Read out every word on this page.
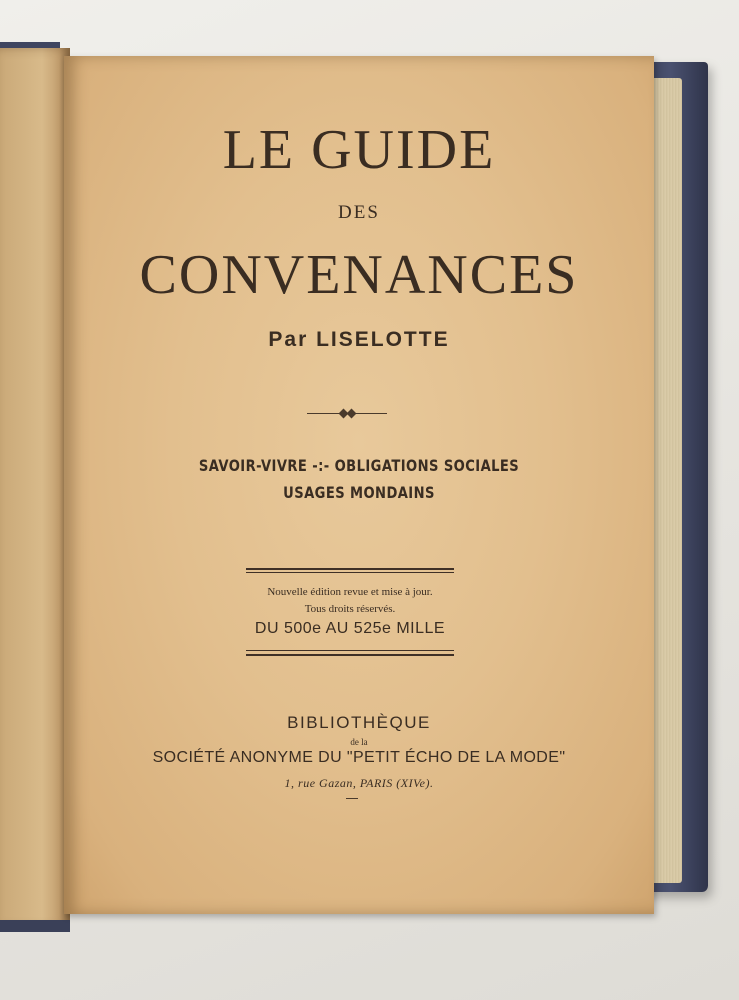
LE GUIDE
DES
CONVENANCES
Par LISELOTTE
SAVOIR-VIVRE -:- OBLIGATIONS SOCIALES
USAGES MONDAINS
Nouvelle édition revue et mise à jour.
Tous droits réservés.
DU 500e AU 525e MILLE
BIBLIOTHÈQUE
de la
SOCIÉTÉ ANONYME DU "PETIT ÉCHO DE LA MODE"
1, rue Gazan, PARIS (XIVe).
